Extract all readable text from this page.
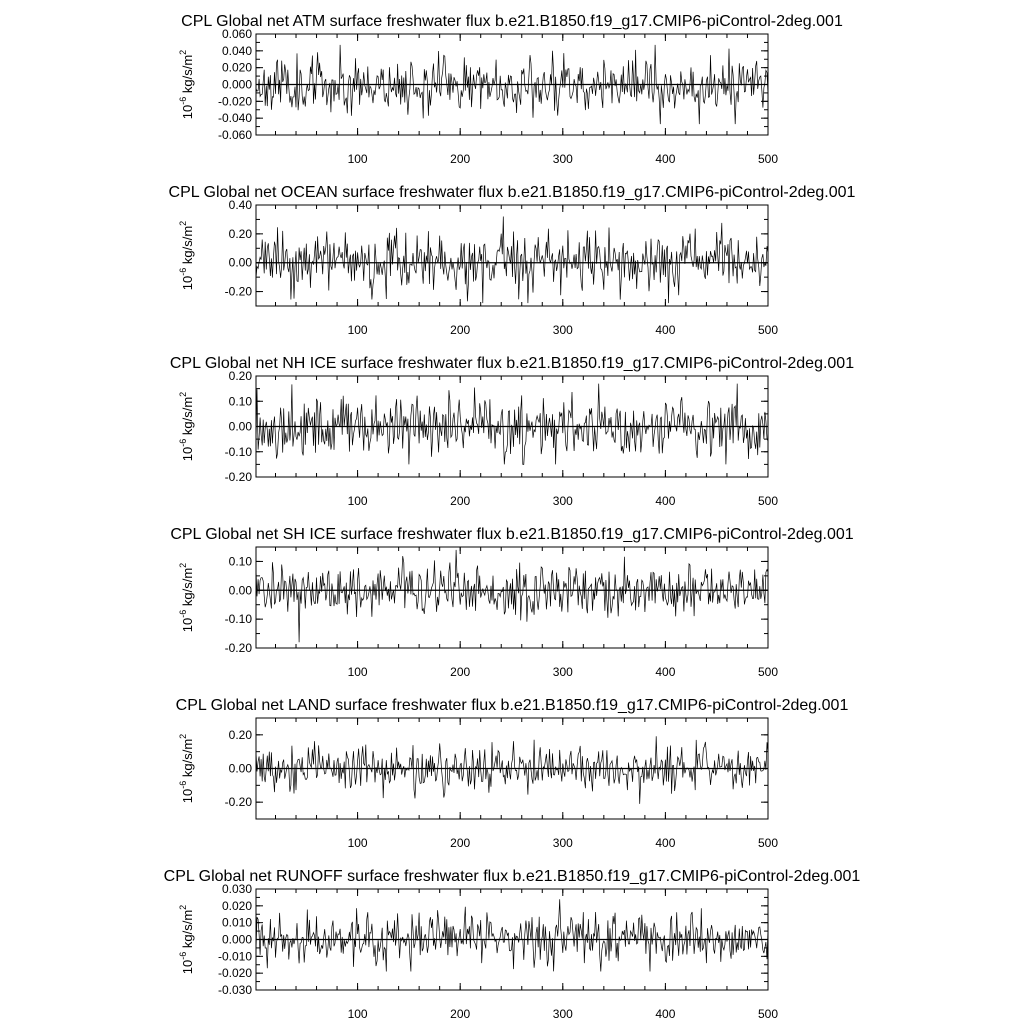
CPL Global net ATM surface freshwater flux b.e21.B1850.f19_g17.CMIP6-piControl-2deg.001
-0.060
-0.040
-0.020
0.000
0.020
0.040
0.060
100	200	300	400	500
$10^{-6}$ $kg/s/m^2$
CPL Global net OCEAN surface freshwater flux b.e21.B1850.f19_g17.CMIP6-piControl-2deg.001
-0.20
0.00
0.20
0.40
100	200	300	400	500
$10^{-6}$ $kg/s/m^2$
CPL Global net NH ICE surface freshwater flux b.e21.B1850.f19_g17.CMIP6-piControl-2deg.001
-0.20
-0.10
0.00
0.10
0.20
100	200	300	400	500
$10^{-6}$ $kg/s/m^2$
CPL Global net SH ICE surface freshwater flux b.e21.B1850.f19_g17.CMIP6-piControl-2deg.001
-0.20
-0.10
0.00
0.10
100	200	300	400	500
$10^{-6}$ $kg/s/m^2$
CPL Global net LAND surface freshwater flux b.e21.B1850.f19_g17.CMIP6-piControl-2deg.001
-0.20
0.00
0.20
100	200	300	400	500
$10^{-6}$ $kg/s/m^2$
CPL Global net RUNOFF surface freshwater flux b.e21.B1850.f19_g17.CMIP6-piControl-2deg.001
-0.030
-0.020
-0.010
0.000
0.010
0.020
0.030
100	200	300	400	500
$10^{-6}$ $kg/s/m^2$
